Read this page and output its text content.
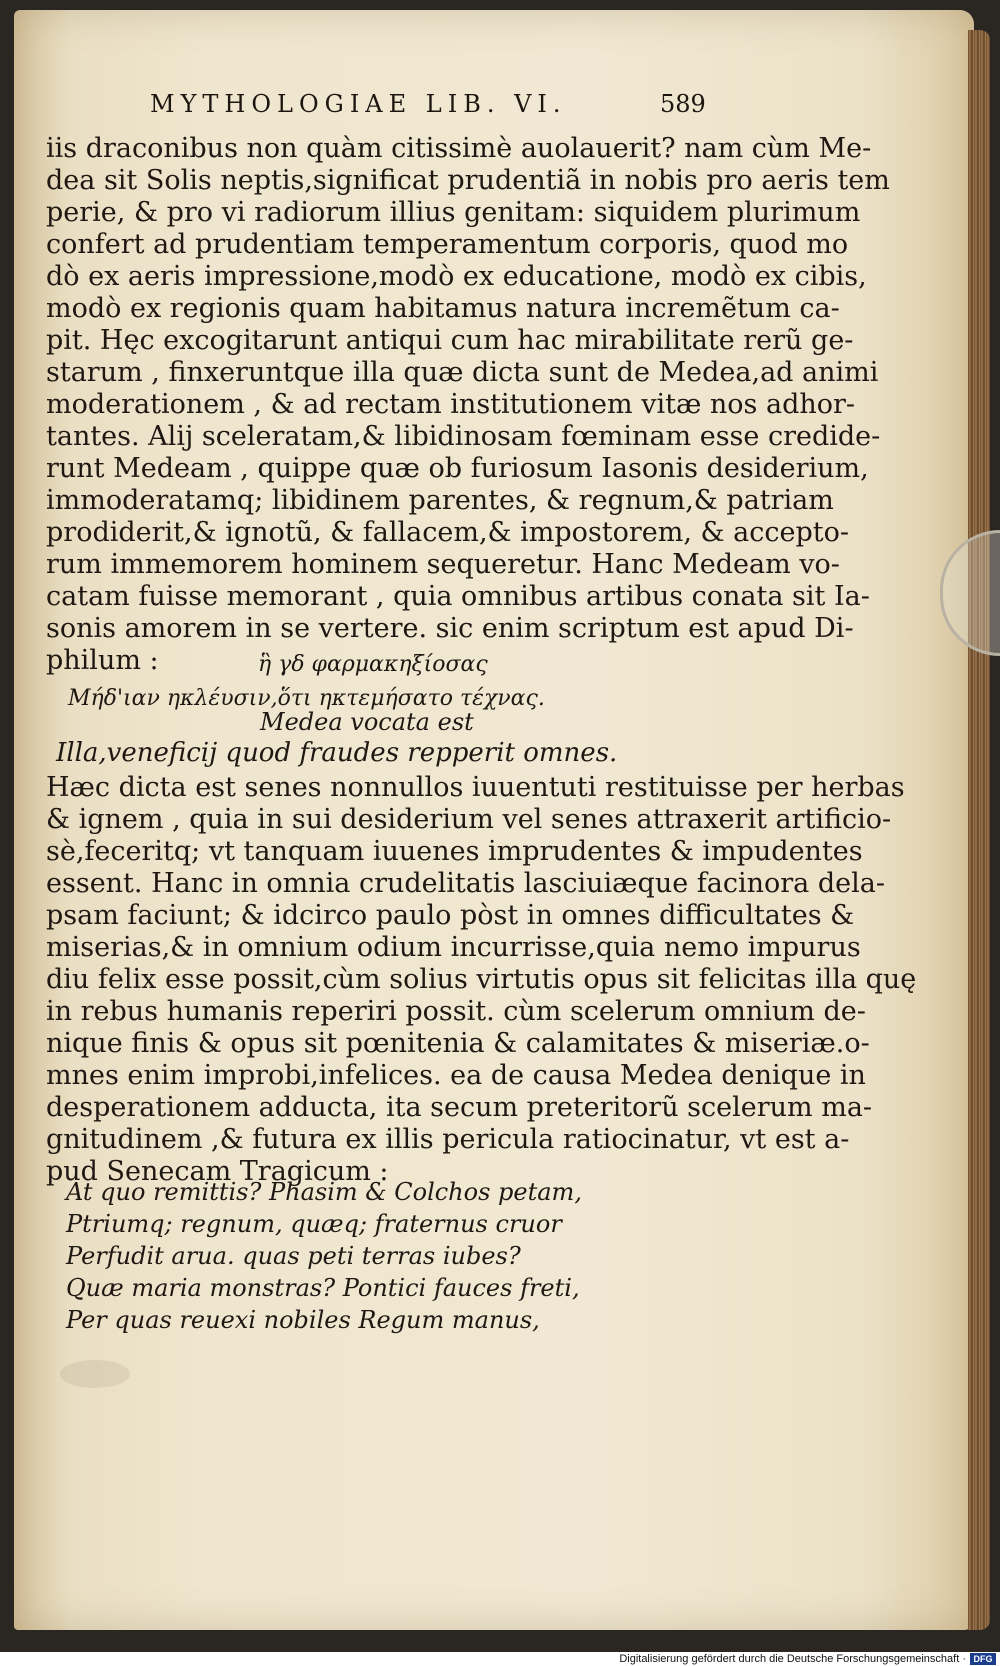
MYTHOLOGIAE LIB. VI.	589
iis draconibus non quàm citissimè auolauerit? nam cùm Me-
dea sit Solis neptis,significat prudentiã in nobis pro aeris tem
perie, & pro vi radiorum illius genitam: siquidem plurimum
confert ad prudentiam temperamentum corporis, quod mo
dò ex aeris impressione,modò ex educatione, modò ex cibis,
modò ex regionis quam habitamus natura incremẽtum ca-
pit. Hęc excogitarunt antiqui cum hac mirabilitate rerũ ge-
starum , finxeruntque illa quæ dicta sunt de Medea,ad animi
moderationem , & ad rectam institutionem vitæ nos adhor-
tantes. Alij sceleratam,& libidinosam fœminam esse credide-
runt Medeam , quippe quæ ob furiosum Iasonis desiderium,
immoderatamq; libidinem parentes, & regnum,& patriam
prodiderit,& ignotũ, & fallacem,& impostorem, & accepto-
rum immemorem hominem sequeretur. Hanc Medeam vo-
catam fuisse memorant , quia omnibus artibus conata sit Ia-
sonis amorem in se vertere. sic enim scriptum est apud Di-
philum :	ἣ γδ φαρμακηξίοσας
Μήδ'ιαν ηκλέυσιν,ὅτι ηκτεμήσατο τέχνας.
Medea vocata est
Illa,veneficij quod fraudes repperit omnes.
Hæc dicta est senes nonnullos iuuentuti restituisse per herbas
& ignem , quia in sui desiderium vel senes attraxerit artificio-
sè,feceritq; vt tanquam iuuenes imprudentes & impudentes
essent. Hanc in omnia crudelitatis lasciuiæque facinora dela-
psam faciunt; & idcirco paulo pòst in omnes difficultates &
miserias,& in omnium odium incurrisse,quia nemo impurus
diu felix esse possit,cùm solius virtutis opus sit felicitas illa quę
in rebus humanis reperiri possit. cùm scelerum omnium de-
nique finis & opus sit pœnitenia & calamitates & miseriæ.o-
mnes enim improbi,infelices. ea de causa Medea denique in
desperationem adducta, ita secum preteritorũ scelerum ma-
gnitudinem ,& futura ex illis pericula ratiocinatur, vt est a-
pud Senecam Tragicum :
At quo remittis? Phasim & Colchos petam,
Ptriumq; regnum, quæq; fraternus cruor
Perfudit arua. quas peti terras iubes?
Quæ maria monstras? Pontici fauces freti,
Per quas reuexi nobiles Regum manus,
Digitalisierung gefördert durch die Deutsche Forschungsgemeinschaft · DFG
